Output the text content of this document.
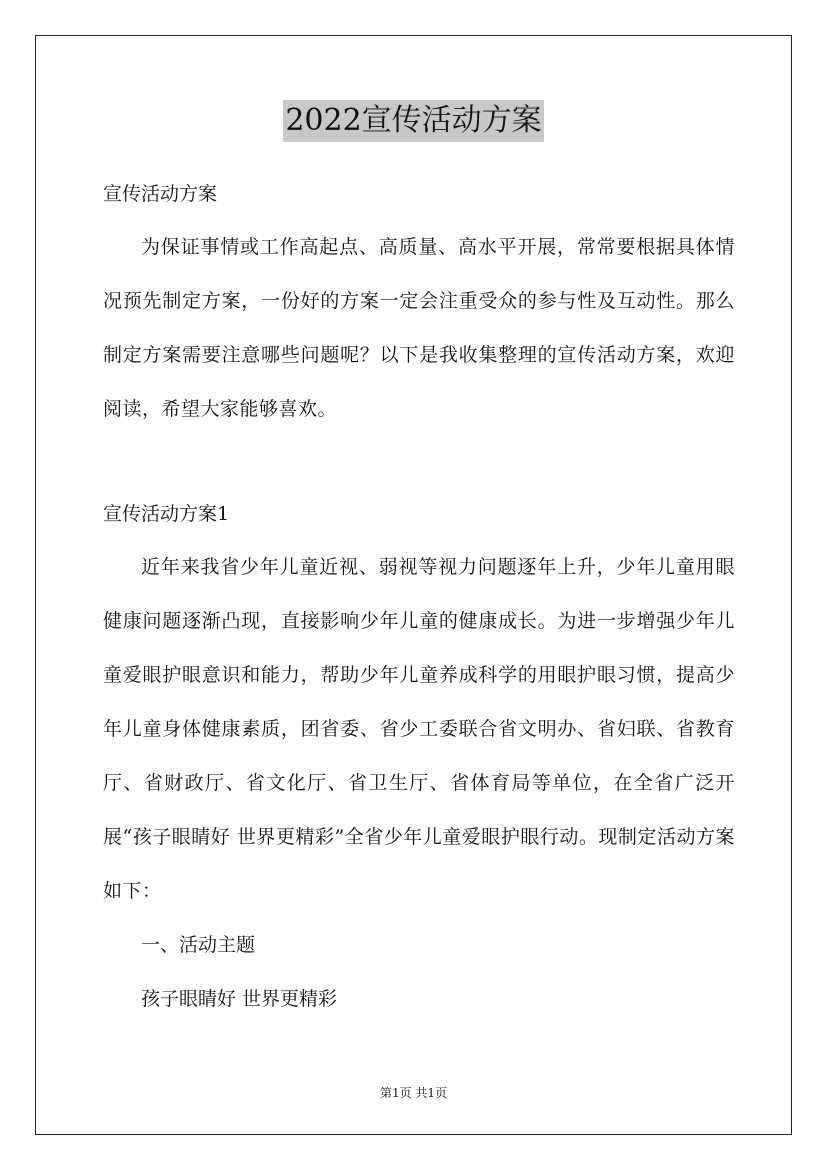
2022宣传活动方案

宣传活动方案

为保证事情或工作高起点、高质量、高水平开展，常常要根据具体情况预先制定方案，一份好的方案一定会注重受众的参与性及互动性。那么制定方案需要注意哪些问题呢？以下是我收集整理的宣传活动方案，欢迎阅读，希望大家能够喜欢。

宣传活动方案1

近年来我省少年儿童近视、弱视等视力问题逐年上升，少年儿童用眼健康问题逐渐凸现，直接影响少年儿童的健康成长。为进一步增强少年儿童爱眼护眼意识和能力，帮助少年儿童养成科学的用眼护眼习惯，提高少年儿童身体健康素质，团省委、省少工委联合省文明办、省妇联、省教育厅、省财政厅、省文化厅、省卫生厅、省体育局等单位，在全省广泛开展“孩子眼睛好 世界更精彩”全省少年儿童爱眼护眼行动。现制定活动方案如下：

一、活动主题

孩子眼睛好 世界更精彩

第1页 共1页
